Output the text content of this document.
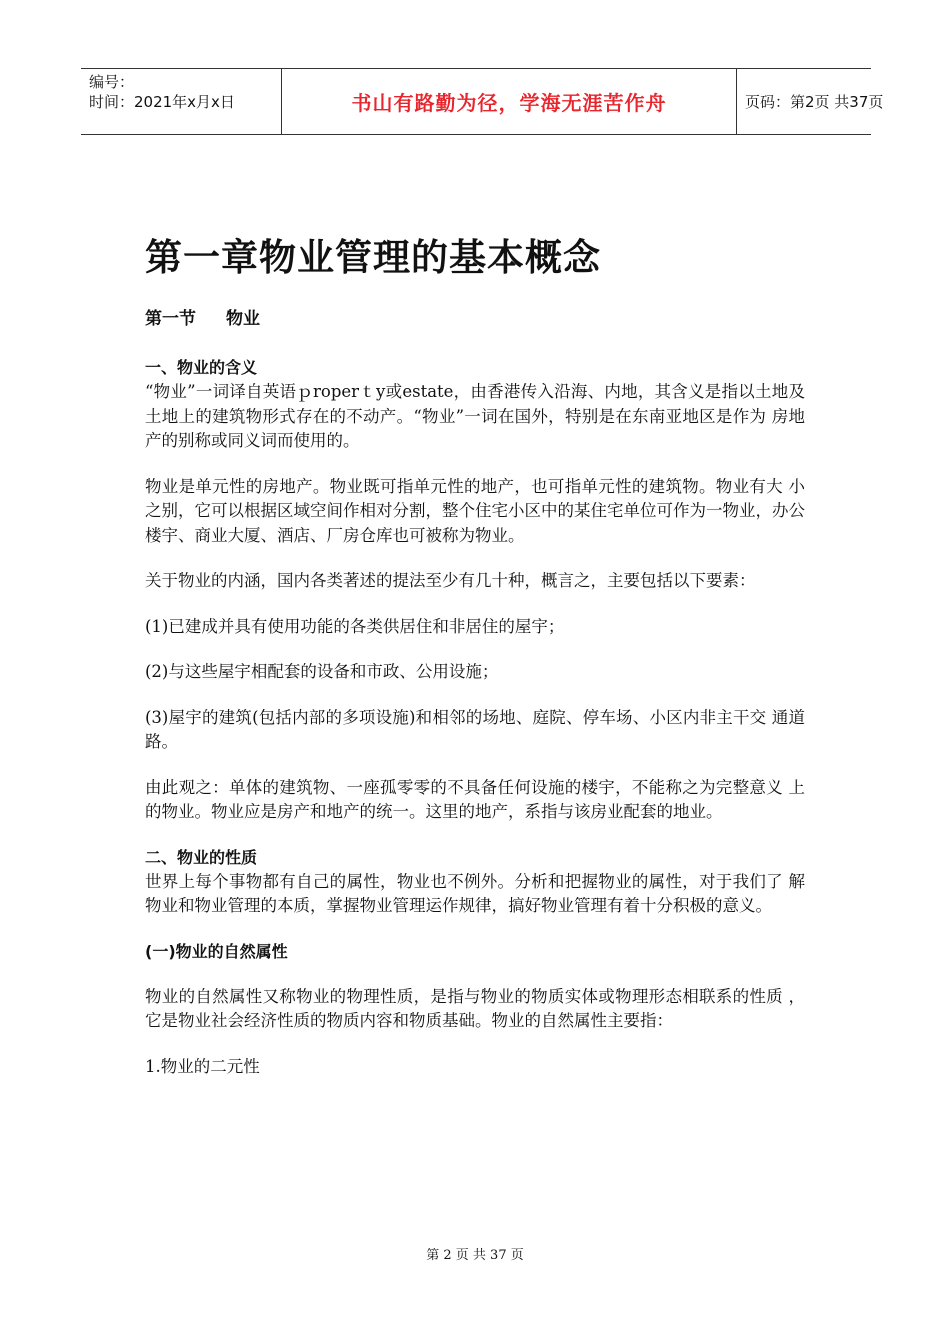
编号：
时间：2021年x月x日	书山有路勤为径，学海无涯苦作舟	页码：第2页 共37页
第一章物业管理的基本概念
第一节 物业
一、物业的含义

“物业”一词译自英语ｐroperｔy或estate，由香港传入沿海、内地，其含义是指以土地及土地上的建筑物形式存在的不动产。“物业”一词在国外，特别是在东南亚地区是作为 房地产的别称或同义词而使用的。

物业是单元性的房地产。物业既可指单元性的地产，也可指单元性的建筑物。物业有大 小之别，它可以根据区域空间作相对分割，整个住宅小区中的某住宅单位可作为一物业，办公楼宇、商业大厦、酒店、厂房仓库也可被称为物业。

关于物业的内涵，国内各类著述的提法至少有几十种，概言之，主要包括以下要素：

(1)已建成并具有使用功能的各类供居住和非居住的屋宇；

(2)与这些屋宇相配套的设备和市政、公用设施；

(3)屋宇的建筑(包括内部的多项设施)和相邻的场地、庭院、停车场、小区内非主干交 通道路。

由此观之：单体的建筑物、一座孤零零的不具备任何设施的楼宇，不能称之为完整意义 上的物业。物业应是房产和地产的统一。这里的地产，系指与该房业配套的地业。

二、物业的性质

世界上每个事物都有自己的属性，物业也不例外。分析和把握物业的属性，对于我们了 解物业和物业管理的本质，掌握物业管理运作规律，搞好物业管理有着十分积极的意义。

(一)物业的自然属性

物业的自然属性又称物业的物理性质，是指与物业的物质实体或物理形态相联系的性质 ，它是物业社会经济性质的物质内容和物质基础。物业的自然属性主要指：

1.物业的二元性

第 2 页 共 37 页
